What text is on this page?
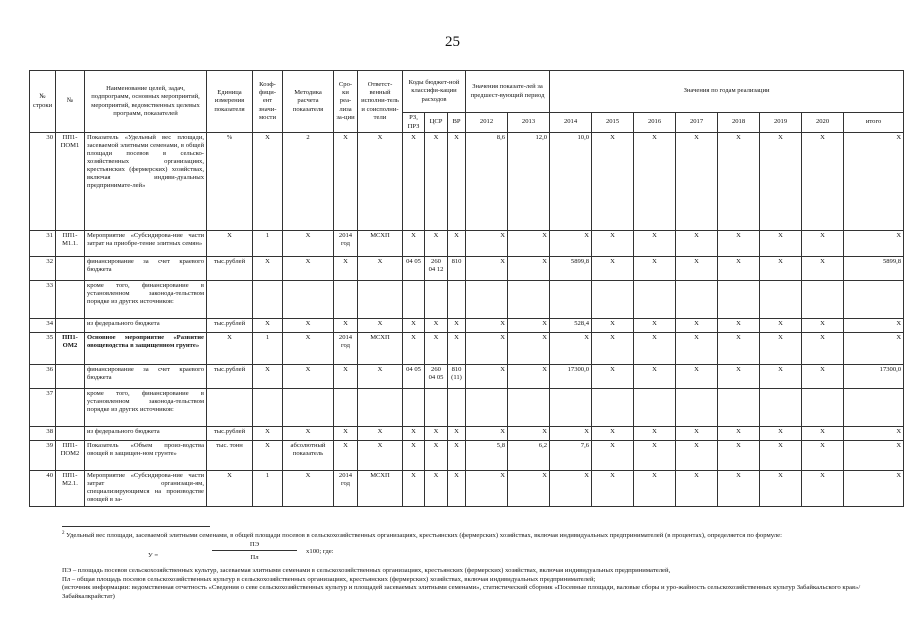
25
№ строки	№	Наименование целей, задач, подпрограмм, основных мероприятий, мероприятий, ведомственных целевых программ, показателей	Единица измерения показателя	Коэф-фици-ент значи-мости	Методика расчета показателя	Сро-ки реа-лиза за-ции	Ответст-венный исполни-тель и соисполни-тели	Коды бюджет-ной классифи-кации расходов			Значения показате-лей за предшест-вующий период		Значения по годам реализации							
								РЗ, ПРЗ	ЦСР	ВР	2012	2013	2014	2015	2016	2017	2018	2019	2020	итого
30	ПП1-ПОМ1	Показатель «Удельный вес площади, засеваемой элитными семенами, в общей площади посевов в сельско-хозяйственных организациях, крестьянских (фермерских) хозяйствах, включая индиви-дуальных предпринимате-лей»	%	X	2	X	X	X	X	X	8,6	12,0	10,0	X	X	X	X	X	X	X
31	ПП1-М1.1.	Мероприятие «Субсидирова-ние части затрат на приобре-тение элитных семян»	X	1	X	2014 год	МСХП	X	X	X	X	X	X	X	X	X	X	X	X	X
32		финансирование за счет краевого бюджета	тыс.рублей	X	X	X	X	04 05	260 04 12	810	X	X	5899,8	X	X	X	X	X	X	5899,8
33		кроме того, финансирование в установленном законода-тельством порядке из других источников:																		
34		из федерального бюджета	тыс.рублей	X	X	X	X	X	X	X	X	X	528,4	X	X	X	X	X	X	X
35	ПП1-ОМ2	Основное мероприятие «Развитие овощеводства в защищенном грунте»	X	1	X	2014 год	МСХП	X	X	X	X	X	X	X	X	X	X	X	X	X
36		финансирование за счет краевого бюджета	тыс.рублей	X	X	X	X	04 05	260 04 05	810 (11)	X	X	17300,0	X	X	X	X	X	X	17300,0
37		кроме того, финансирование в установленном законода-тельством порядке из других источников:																		
38		из федерального бюджета	тыс.рублей	X	X	X	X	X	X	X	X	X	X	X	X	X	X	X	X	X
39	ПП1-ПОМ2	Показатель «Объем произ-водства овощей в защищен-ном грунте»	тыс. тонн	X	абсолютный показатель	X	X	X	X	X	5,8	6,2	7,6	X	X	X	X	X	X	X
40	ПП1-М2.1.	Мероприятие «Субсидирова-ние части затрат организаци-ям, специализирующимся на производстве овощей в за-	X	1	X	2014 год	МСХП	X	X	X	X	X	X	X	X	X	X	X	X	X

$^2$ Удельный вес площади, засеваемой элитными семенами, в общей площади посевов в сельскохозяйственных организациях, крестьянских (фермерских) хозяйствах, включая индивидуальных предпринимателей (в процентах), определяется по формуле:

У =
ПЭ
Пл
х100; где:

ПЭ – площадь посевов сельскохозяйственных культур, засеваемая элитными семенами в сельскохозяйственных организациях, крестьянских (фермерских) хозяйствах, включая индивидуальных предпринимателей,

Пл – общая площадь посевов сельскохозяйственных культур в сельскохозяйственных организациях, крестьянских (фермерских) хозяйствах, включая индивидуальных предпринимателей;

(источник информации: ведомственная отчетность «Сведения о севе сельскохозяйственных культур и площадей засеваемых элитными семенами», статистический сборник «Посевные площади, валовые сборы и уро-жайность сельскохозяйственных культур Забайкальского края»/Забайкалкрайстат)
